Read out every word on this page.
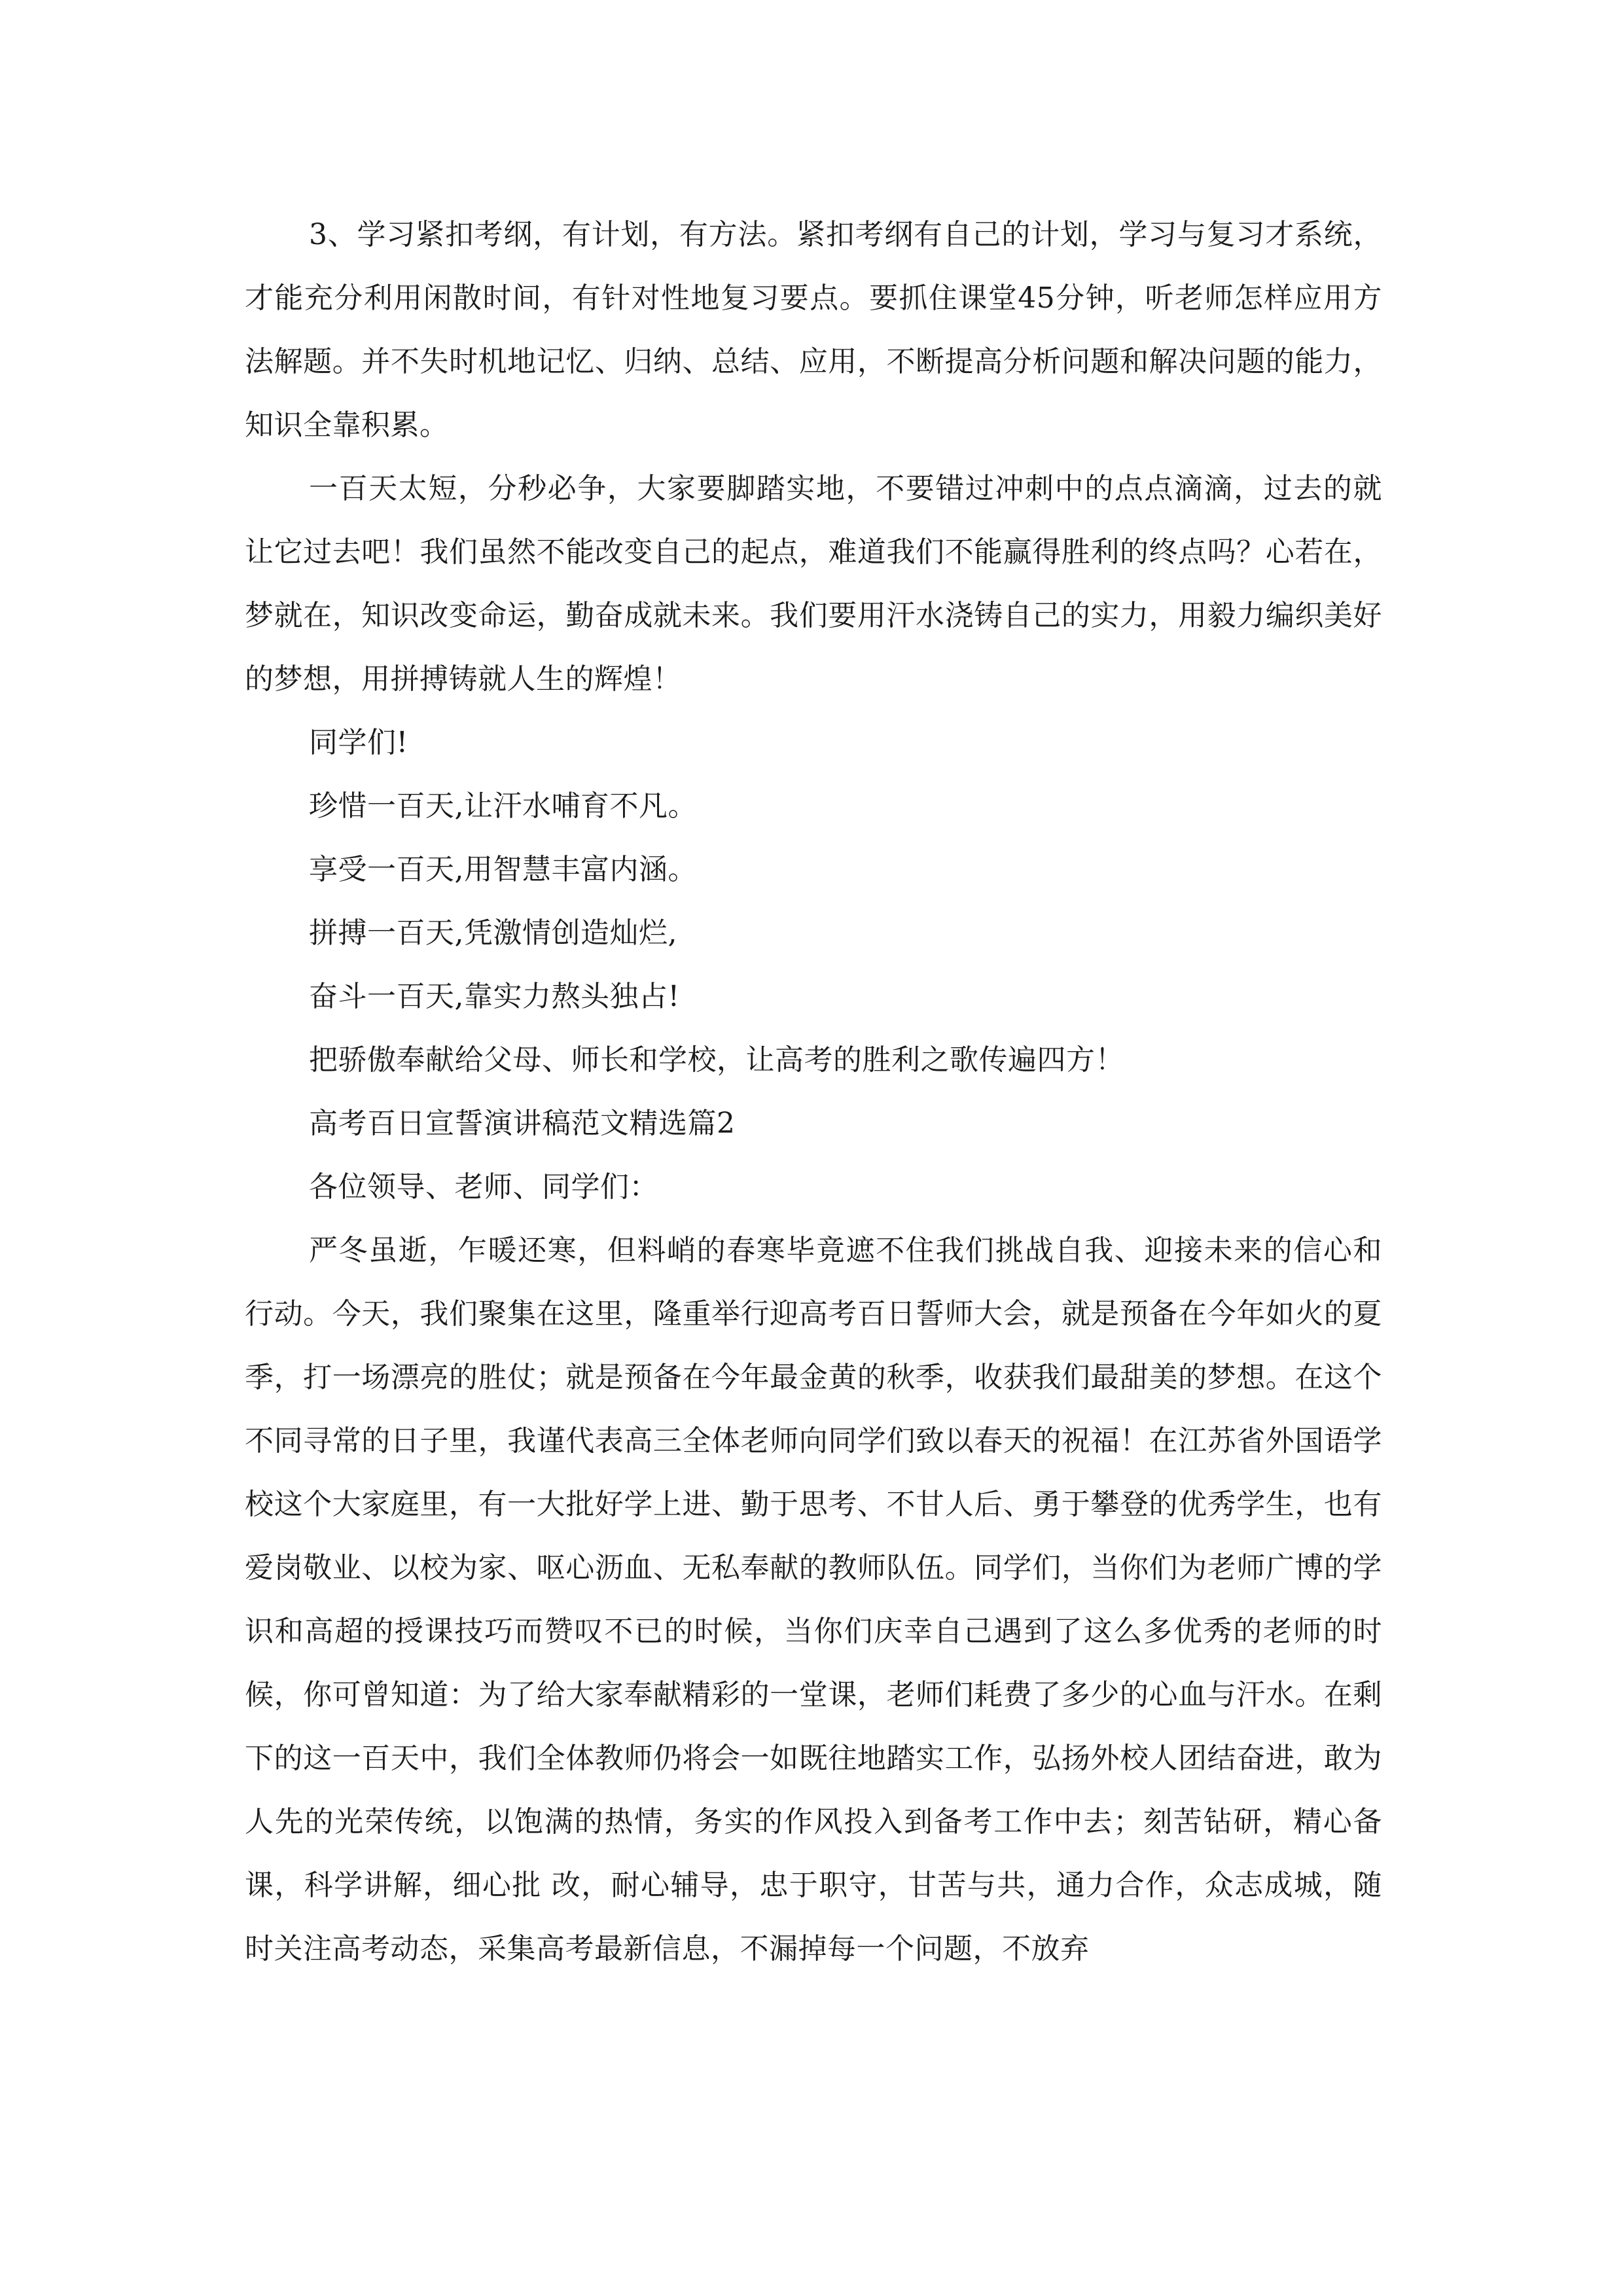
3、学习紧扣考纲，有计划，有方法。紧扣考纲有自己的计划，学习与复习才系统，才能充分利用闲散时间，有针对性地复习要点。要抓住课堂45分钟，听老师怎样应用方法解题。并不失时机地记忆、归纳、总结、应用，不断提高分析问题和解决问题的能力，知识全靠积累。

一百天太短，分秒必争，大家要脚踏实地，不要错过冲刺中的点点滴滴，过去的就让它过去吧！我们虽然不能改变自己的起点，难道我们不能赢得胜利的终点吗？心若在，梦就在，知识改变命运，勤奋成就未来。我们要用汗水浇铸自己的实力，用毅力编织美好的梦想，用拼搏铸就人生的辉煌！

同学们!

珍惜一百天,让汗水哺育不凡。

享受一百天,用智慧丰富内涵。

拼搏一百天,凭激情创造灿烂,

奋斗一百天,靠实力熬头独占!

把骄傲奉献给父母、师长和学校，让高考的胜利之歌传遍四方！

高考百日宣誓演讲稿范文精选篇2

各位领导、老师、同学们：

严冬虽逝，乍暖还寒，但料峭的春寒毕竟遮不住我们挑战自我、迎接未来的信心和行动。今天，我们聚集在这里，隆重举行迎高考百日誓师大会，就是预备在今年如火的夏季，打一场漂亮的胜仗；就是预备在今年最金黄的秋季，收获我们最甜美的梦想。在这个不同寻常的日子里，我谨代表高三全体老师向同学们致以春天的祝福！在江苏省外国语学校这个大家庭里，有一大批好学上进、勤于思考、不甘人后、勇于攀登的优秀学生，也有爱岗敬业、以校为家、呕心沥血、无私奉献的教师队伍。同学们，当你们为老师广博的学识和高超的授课技巧而赞叹不已的时候，当你们庆幸自己遇到了这么多优秀的老师的时候，你可曾知道：为了给大家奉献精彩的一堂课，老师们耗费了多少的心血与汗水。在剩下的这一百天中，我们全体教师仍将会一如既往地踏实工作，弘扬外校人团结奋进，敢为人先的光荣传统，以饱满的热情，务实的作风投入到备考工作中去；刻苦钻研，精心备课，科学讲解，细心批 改，耐心辅导，忠于职守，甘苦与共，通力合作，众志成城，随时关注高考动态，采集高考最新信息，不漏掉每一个问题，不放弃
